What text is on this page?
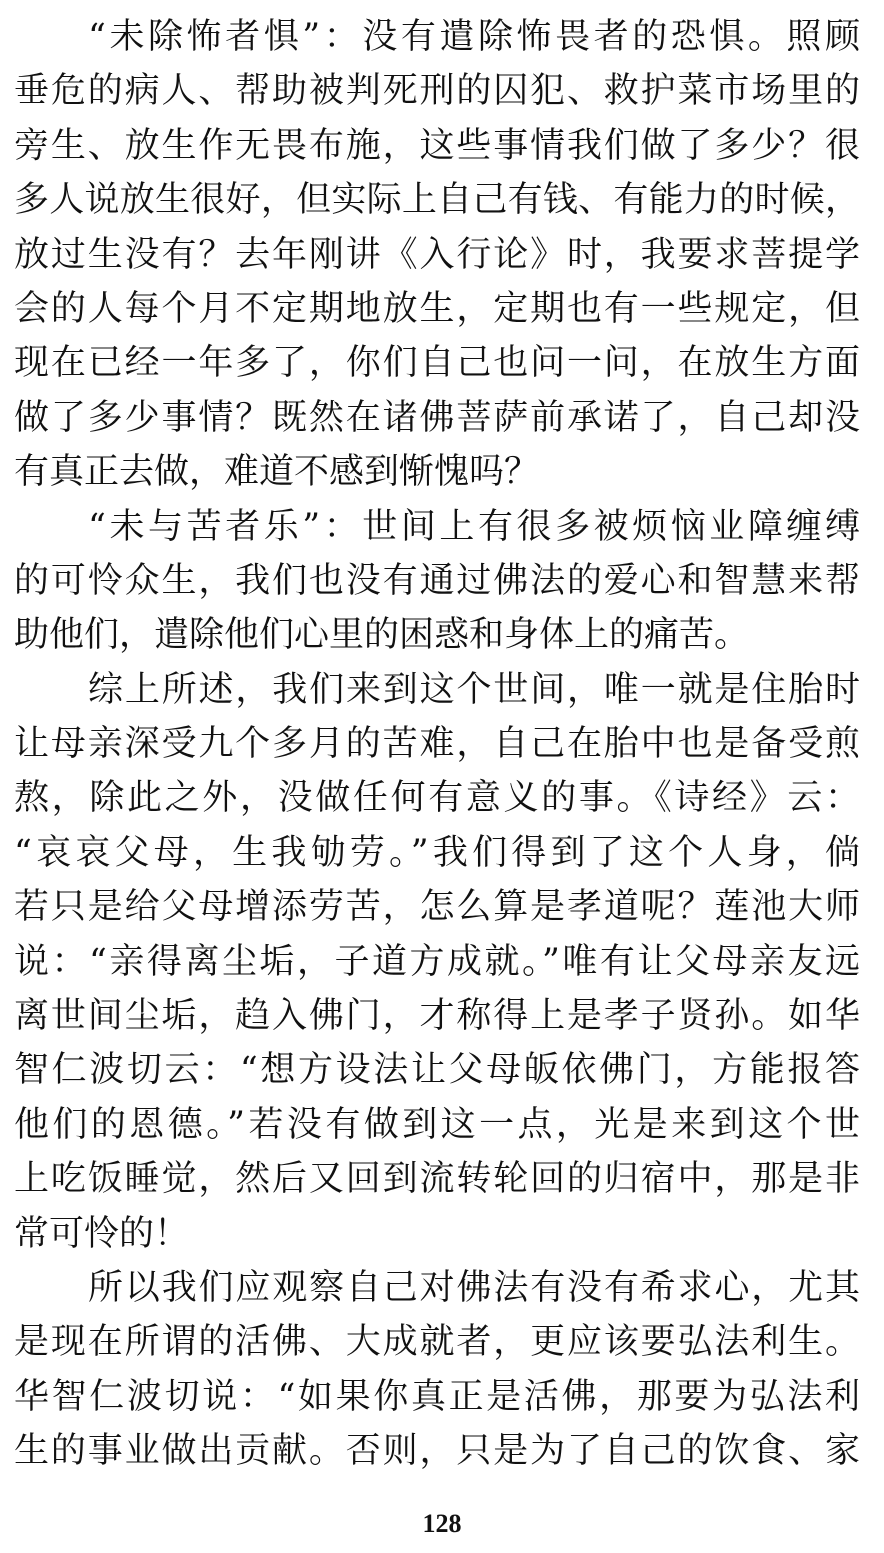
“未除怖者惧”：没有遣除怖畏者的恐惧。照顾
垂危的病人、帮助被判死刑的囚犯、救护菜市场里的
旁生、放生作无畏布施，这些事情我们做了多少？很
多人说放生很好，但实际上自己有钱、有能力的时候，
放过生没有？去年刚讲《入行论》时，我要求菩提学
会的人每个月不定期地放生，定期也有一些规定，但
现在已经一年多了，你们自己也问一问，在放生方面
做了多少事情？既然在诸佛菩萨前承诺了，自己却没
有真正去做，难道不感到惭愧吗？
“未与苦者乐”：世间上有很多被烦恼业障缠缚
的可怜众生，我们也没有通过佛法的爱心和智慧来帮
助他们，遣除他们心里的困惑和身体上的痛苦。
综上所述，我们来到这个世间，唯一就是住胎时
让母亲深受九个多月的苦难，自己在胎中也是备受煎
熬，除此之外，没做任何有意义的事。《诗经》云：
“哀哀父母，生我劬劳。”我们得到了这个人身，倘
若只是给父母增添劳苦，怎么算是孝道呢？莲池大师
说：“亲得离尘垢，子道方成就。”唯有让父母亲友远
离世间尘垢，趋入佛门，才称得上是孝子贤孙。如华
智仁波切云：“想方设法让父母皈依佛门，方能报答
他们的恩德。”若没有做到这一点，光是来到这个世
上吃饭睡觉，然后又回到流转轮回的归宿中，那是非
常可怜的！
所以我们应观察自己对佛法有没有希求心，尤其
是现在所谓的活佛、大成就者，更应该要弘法利生。
华智仁波切说：“如果你真正是活佛，那要为弘法利
生的事业做出贡献。否则，只是为了自己的饮食、家
128
